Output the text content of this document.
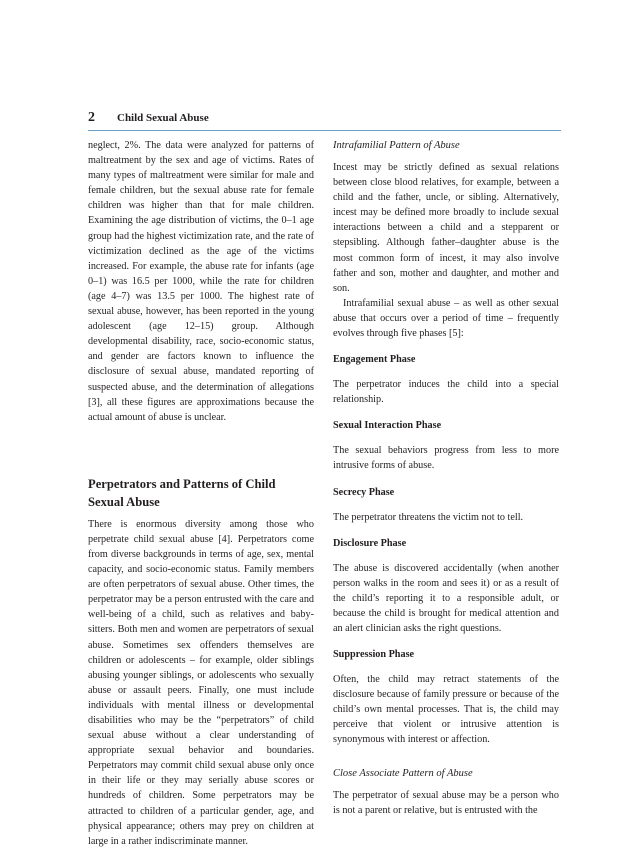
2 Child Sexual Abuse

neglect, 2%. The data were analyzed for patterns of maltreatment by the sex and age of victims. Rates of many types of maltreatment were similar for male and female children, but the sexual abuse rate for female children was higher than that for male children. Examining the age distribution of victims, the 0–1 age group had the highest victimization rate, and the rate of victimization declined as the age of the victims increased. For example, the abuse rate for infants (age 0–1) was 16.5 per 1000, while the rate for children (age 4–7) was 13.5 per 1000. The highest rate of sexual abuse, however, has been reported in the young adolescent (age 12–15) group. Although developmental disability, race, socio-economic status, and gender are factors known to influence the disclosure of sexual abuse, mandated reporting of suspected abuse, and the determination of allegations [3], all these figures are approximations because the actual amount of abuse is unclear.

Perpetrators and Patterns of Child Sexual Abuse

There is enormous diversity among those who perpetrate child sexual abuse [4]. Perpetrators come from diverse backgrounds in terms of age, sex, mental capacity, and socio-economic status. Family members are often perpetrators of sexual abuse. Other times, the perpetrator may be a person entrusted with the care and well-being of a child, such as relatives and baby-sitters. Both men and women are perpetrators of sexual abuse. Sometimes sex offenders themselves are children or adolescents – for example, older siblings abusing younger siblings, or adolescents who sexually abuse or assault peers. Finally, one must include individuals with mental illness or developmental disabilities who may be the “perpetrators” of child sexual abuse without a clear understanding of appropriate sexual behavior and boundaries. Perpetrators may commit child sexual abuse only once in their life or they may serially abuse scores or hundreds of children. Some perpetrators may be attracted to children of a particular gender, age, and physical appearance; others may prey on children at large in a rather indiscriminate manner.

Intrafamilial Pattern of Abuse

Incest may be strictly defined as sexual relations between close blood relatives, for example, between a child and the father, uncle, or sibling. Alternatively, incest may be defined more broadly to include sexual interactions between a child and a stepparent or stepsibling. Although father–daughter abuse is the most common form of incest, it may also involve father and son, mother and daughter, and mother and son.

Intrafamilial sexual abuse – as well as other sexual abuse that occurs over a period of time – frequently evolves through five phases [5]:

Engagement Phase

The perpetrator induces the child into a special relationship.

Sexual Interaction Phase

The sexual behaviors progress from less to more intrusive forms of abuse.

Secrecy Phase

The perpetrator threatens the victim not to tell.

Disclosure Phase

The abuse is discovered accidentally (when another person walks in the room and sees it) or as a result of the child’s reporting it to a responsible adult, or because the child is brought for medical attention and an alert clinician asks the right questions.

Suppression Phase

Often, the child may retract statements of the disclosure because of family pressure or because of the child’s own mental processes. That is, the child may perceive that violent or intrusive attention is synonymous with interest or affection.

Close Associate Pattern of Abuse

The perpetrator of sexual abuse may be a person who is not a parent or relative, but is entrusted with the
